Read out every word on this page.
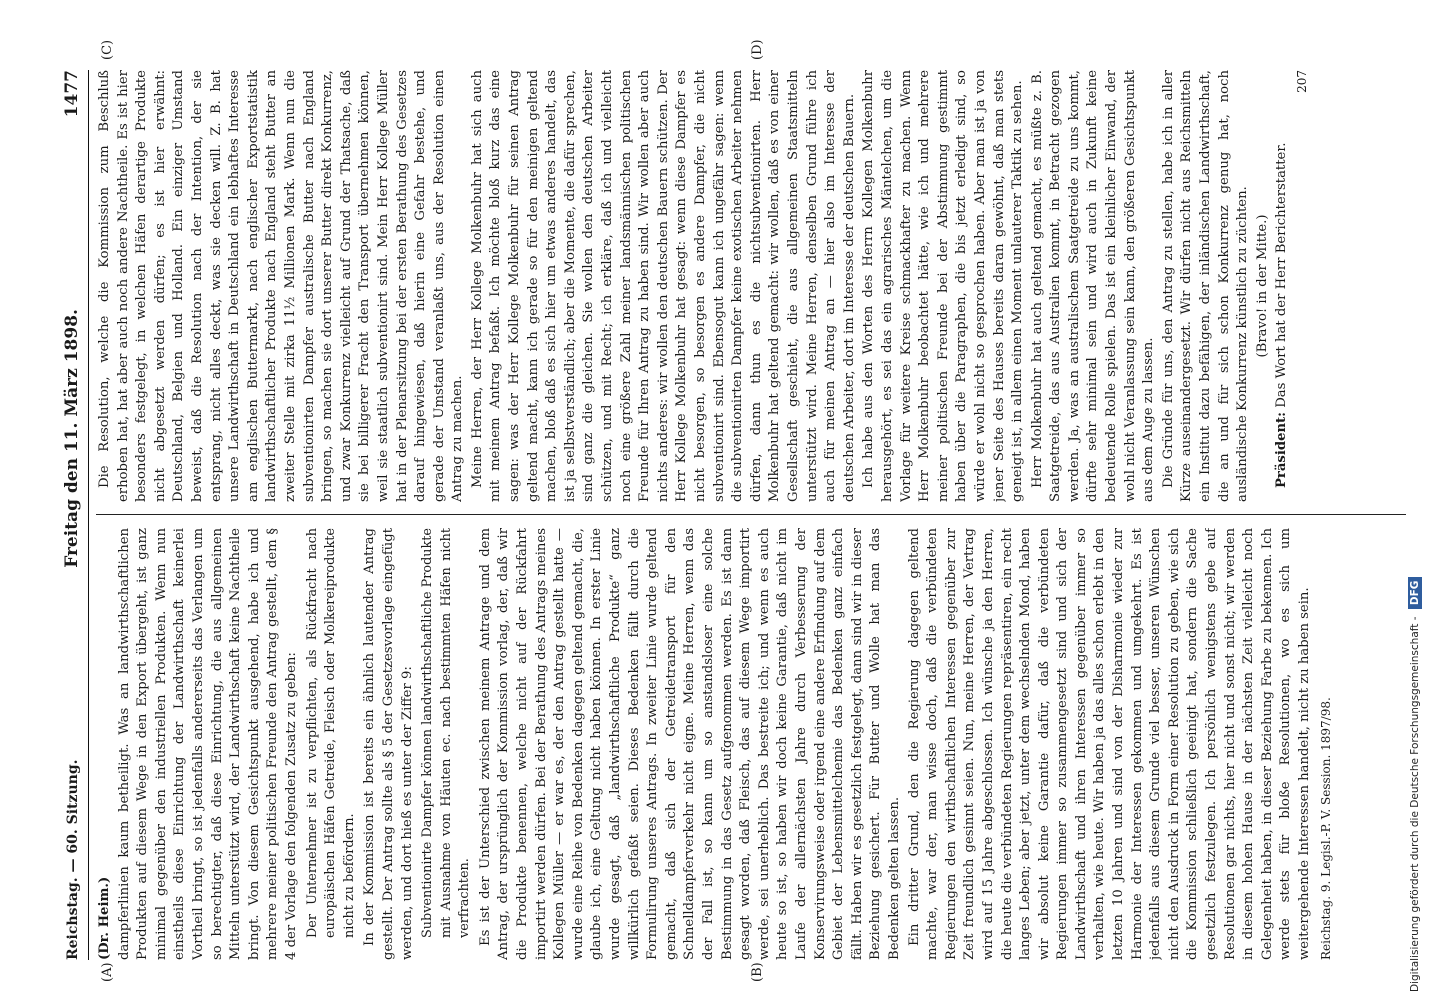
Reichstag. — 60. Sitzung.
Freitag den 11. März 1898.
1477
(A)	(B)
(C)	(D)

(Dr. Heim.) dampferlinien kaum betheiligt. Was an landwirthschaftlichen Produkten auf diesem Wege in den Export übergeht, ist ganz minimal gegenüber den industriellen Produkten. Wenn nun einstheils diese Einrichtung der Landwirthschaft keinerlei Vortheil bringt, so ist jedenfalls andererseits das Verlangen um so berechtigter, daß diese Einrichtung, die aus allgemeinen Mitteln unterstützt wird, der Landwirthschaft keine Nachtheile bringt. Von diesem Gesichtspunkt ausgehend, habe ich und mehrere meiner politischen Freunde den Antrag gestellt, dem § 4 der Vorlage den folgenden Zusatz zu geben: Der Unternehmer ist zu verpflichten, als Rückfracht nach europäischen Häfen Getreide, Fleisch oder Molkereiprodukte nicht zu befördern. In der Kommission ist bereits ein ähnlich lautender Antrag gestellt. Der Antrag sollte als § 5 der Gesetzesvorlage eingefügt werden, und dort hieß es unter der Ziffer 9: Subventionirte Dampfer können landwirthschaftliche Produkte mit Ausnahme von Häuten ec. nach bestimmten Häfen nicht verfrachten. Es ist der Unterschied zwischen meinem Antrage und dem Antrag, der ursprünglich der Kommission vorlag, der, daß wir die Produkte benennen, welche nicht auf der Rückfahrt importirt werden dürfen. Bei der Berathung des Antrags meines Kollegen Müller — er war es, der den Antrag gestellt hatte — wurde eine Reihe von Bedenken dagegen geltend gemacht, die, glaube ich, eine Geltung nicht haben können. In erster Linie wurde gesagt, daß „landwirthschaftliche Produkte“ ganz willkürlich gefaßt seien. Dieses Bedenken fällt durch die Formulirung unseres Antrags. In zweiter Linie wurde geltend gemacht, daß sich der Getreidetransport für den Schnelldampferverkehr nicht eigne. Meine Herren, wenn das der Fall ist, so kann um so anstandsloser eine solche Bestimmung in das Gesetz aufgenommen werden. Es ist dann gesagt worden, daß Fleisch, das auf diesem Wege importirt werde, sei unerheblich. Das bestreite ich; und wenn es auch heute so ist, so haben wir doch keine Garantie, daß nicht im Laufe der allernächsten Jahre durch Verbesserung der Konservirungsweise oder irgend eine andere Erfindung auf dem Gebiet der Lebensmittelchemie das Bedenken ganz einfach fällt. Haben wir es gesetzlich festgelegt, dann sind wir in dieser Beziehung gesichert. Für Butter und Wolle hat man das Bedenken gelten lassen. Ein dritter Grund, den die Regierung dagegen geltend machte, war der, man wisse doch, daß die verbündeten Regierungen den wirthschaftlichen Interessen gegenüber zur Zeit freundlich gesinnt seien. Nun, meine Herren, der Vertrag wird auf 15 Jahre abgeschlossen. Ich wünsche ja den Herren, die heute die verbündeten Regierungen repräsentiren, ein recht langes Leben; aber jetzt, unter dem wechselnden Mond, haben wir absolut keine Garantie dafür, daß die verbündeten Regierungen immer so zusammengesetzt sind und sich der Landwirthschaft und ihren Interessen gegenüber immer so verhalten, wie heute. Wir haben ja das alles schon erlebt in den letzten 10 Jahren und sind von der Disharmonie wieder zur Harmonie der Interessen gekommen und umgekehrt. Es ist jedenfalls aus diesem Grunde viel besser, unseren Wünschen nicht den Ausdruck in Form einer Resolution zu geben, wie sich die Kommission schließlich geeinigt hat, sondern die Sache gesetzlich festzulegen. Ich persönlich wenigstens gebe auf Resolutionen gar nichts, hier nicht und sonst nicht; wir werden in diesem hohen Hause in der nächsten Zeit vielleicht noch Gelegenheit haben, in dieser Beziehung Farbe zu bekennen. Ich werde stets für bloße Resolutionen, wo es sich um weitergehende Interessen handelt, nicht zu haben sein. Reichstag. 9. Legisl.-P. V. Session. 1897/98.

Die Resolution, welche die Kommission zum Beschluß erhoben hat, hat aber auch noch andere Nachtheile. Es ist hier besonders festgelegt, in welchen Häfen derartige Produkte nicht abgesetzt werden dürfen; es ist hier erwähnt: Deutschland, Belgien und Holland. Ein einziger Umstand beweist, daß die Resolution nach der Intention, der sie entsprang, nicht alles deckt, was sie decken will. Z. B. hat unsere Landwirthschaft in Deutschland ein lebhaftes Interesse am englischen Buttermarkt, nach englischer Exportstatistik landwirthschaftlicher Produkte nach England steht Butter an zweiter Stelle mit zirka 11½ Millionen Mark. Wenn nun die subventionirten Dampfer australische Butter nach England bringen, so machen sie dort unserer Butter direkt Konkurrenz, und zwar Konkurrenz vielleicht auf Grund der Thatsache, daß sie bei billigerer Fracht den Transport übernehmen können, weil sie staatlich subventionirt sind. Mein Herr Kollege Müller hat in der Plenarsitzung bei der ersten Berathung des Gesetzes darauf hingewiesen, daß hierin eine Gefahr bestehe, und gerade der Umstand veranlaßt uns, aus der Resolution einen Antrag zu machen. Meine Herren, der Herr Kollege Molkenbuhr hat sich auch mit meinem Antrag befaßt. Ich möchte bloß kurz das eine sagen: was der Herr Kollege Molkenbuhr für seinen Antrag geltend macht, kann ich gerade so für den meinigen geltend machen, bloß daß es sich hier um etwas anderes handelt, das ist ja selbstverständlich; aber die Momente, die dafür sprechen, sind ganz die gleichen. Sie wollen den deutschen Arbeiter schützen, und mit Recht; ich erkläre, daß ich und vielleicht noch eine größere Zahl meiner landsmännischen politischen Freunde für Ihren Antrag zu haben sind. Wir wollen aber auch nichts anderes: wir wollen den deutschen Bauern schützen. Der Herr Kollege Molkenbuhr hat gesagt: wenn diese Dampfer es nicht besorgen, so besorgen es andere Dampfer, die nicht subventionirt sind. Ebensogut kann ich ungefähr sagen: wenn die subventionirten Dampfer keine exotischen Arbeiter nehmen dürfen, dann thun es die nichtsubventionirten. Herr Molkenbuhr hat geltend gemacht: wir wollen, daß es von einer Gesellschaft geschieht, die aus allgemeinen Staatsmitteln unterstützt wird. Meine Herren, denselben Grund führe ich auch für meinen Antrag an — hier also im Interesse der deutschen Arbeiter, dort im Interesse der deutschen Bauern. Ich habe aus den Worten des Herrn Kollegen Molkenbuhr herausgehört, es sei das ein agrarisches Mäntelchen, um die Vorlage für weitere Kreise schmackhafter zu machen. Wenn Herr Molkenbuhr beobachtet hätte, wie ich und mehrere meiner politischen Freunde bei der Abstimmung gestimmt haben über die Paragraphen, die bis jetzt erledigt sind, so würde er wohl nicht so gesprochen haben. Aber man ist ja von jener Seite des Hauses bereits daran gewöhnt, daß man stets geneigt ist, in allem einen Moment unlauterer Taktik zu sehen. Herr Molkenbuhr hat auch geltend gemacht, es müßte z. B. Saatgetreide, das aus Australien kommt, in Betracht gezogen werden. Ja, was an australischem Saatgetreide zu uns kommt, dürfte sehr minimal sein und wird auch in Zukunft keine bedeutende Rolle spielen. Das ist ein kleinlicher Einwand, der wohl nicht Veranlassung sein kann, den größeren Gesichtspunkt aus dem Auge zu lassen. Die Gründe für uns, den Antrag zu stellen, habe ich in aller Kürze auseinandergesetzt. Wir dürfen nicht aus Reichsmitteln ein Institut dazu befähigen, der inländischen Landwirthschaft, die an und für sich schon Konkurrenz genug hat, noch ausländische Konkurrenz künstlich zu züchten. (Bravo! in der Mitte.)

Präsident: Das Wort hat der Herr Berichterstatter.

207

Digitalisierung gefördert durch die Deutsche Forschungsgemeinschaft - DFG
